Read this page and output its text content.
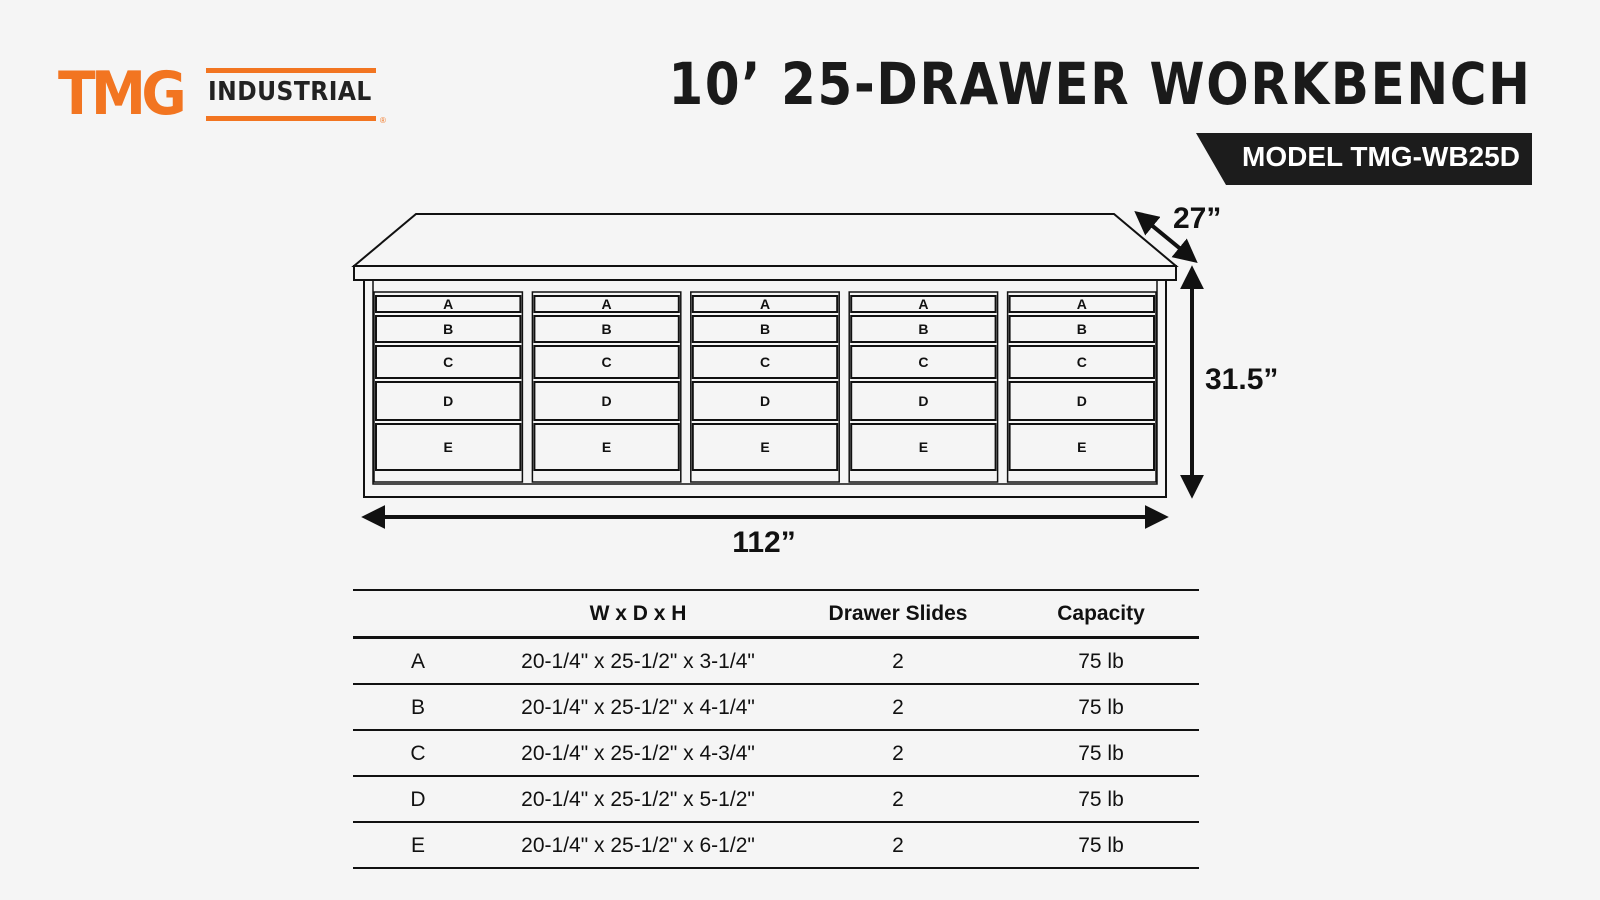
TMG INDUSTRIAL
®
10’ 25-DRAWER WORKBENCH
MODEL TMG-WB25D
A
B
C
D
E
A
B
C
D
E
A
B
C
D
E
A
B
C
D
E
A
B
C
D
E
112”
31.5”
27”
	W x D x H	Drawer Slides	Capacity
A	20-1/4" x 25-1/2" x 3-1/4"	2	75 lb
B	20-1/4" x 25-1/2" x 4-1/4"	2	75 lb
C	20-1/4" x 25-1/2" x 4-3/4"	2	75 lb
D	20-1/4" x 25-1/2" x 5-1/2"	2	75 lb
E	20-1/4" x 25-1/2" x 6-1/2"	2	75 lb
